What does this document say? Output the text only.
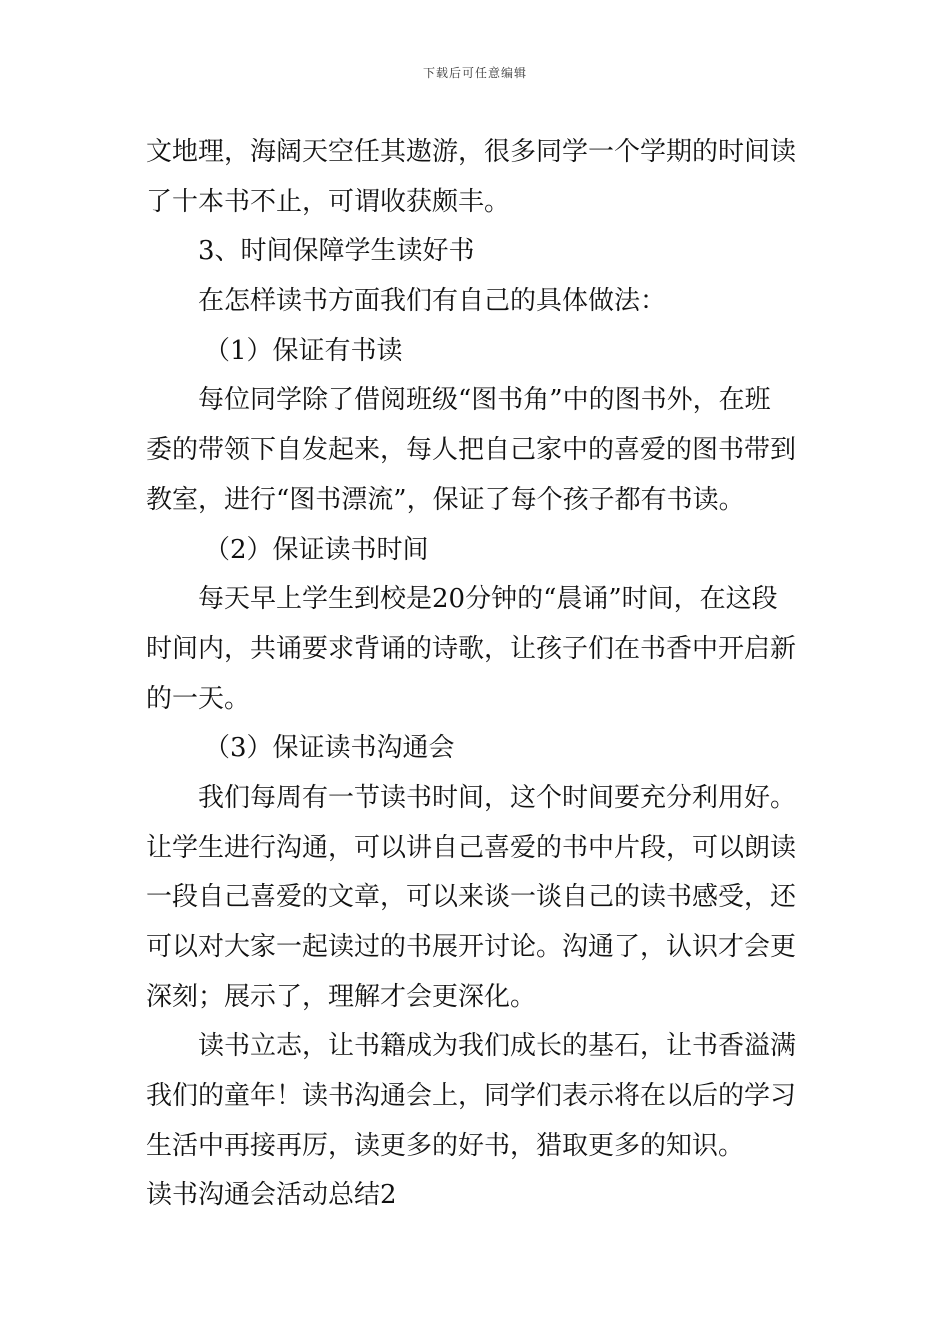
下载后可任意编辑
文地理，海阔天空任其遨游，很多同学一个学期的时间读
了十本书不止，可谓收获颇丰。
3、时间保障学生读好书
在怎样读书方面我们有自己的具体做法：
（1）保证有书读
每位同学除了借阅班级“图书角”中的图书外，在班
委的带领下自发起来，每人把自己家中的喜爱的图书带到
教室，进行“图书漂流”，保证了每个孩子都有书读。
（2）保证读书时间
每天早上学生到校是20分钟的“晨诵”时间，在这段
时间内，共诵要求背诵的诗歌，让孩子们在书香中开启新
的一天。
（3）保证读书沟通会
我们每周有一节读书时间，这个时间要充分利用好。
让学生进行沟通，可以讲自己喜爱的书中片段，可以朗读
一段自己喜爱的文章，可以来谈一谈自己的读书感受，还
可以对大家一起读过的书展开讨论。沟通了，认识才会更
深刻；展示了，理解才会更深化。
读书立志，让书籍成为我们成长的基石，让书香溢满
我们的童年！读书沟通会上，同学们表示将在以后的学习
生活中再接再厉，读更多的好书，猎取更多的知识。
读书沟通会活动总结2
